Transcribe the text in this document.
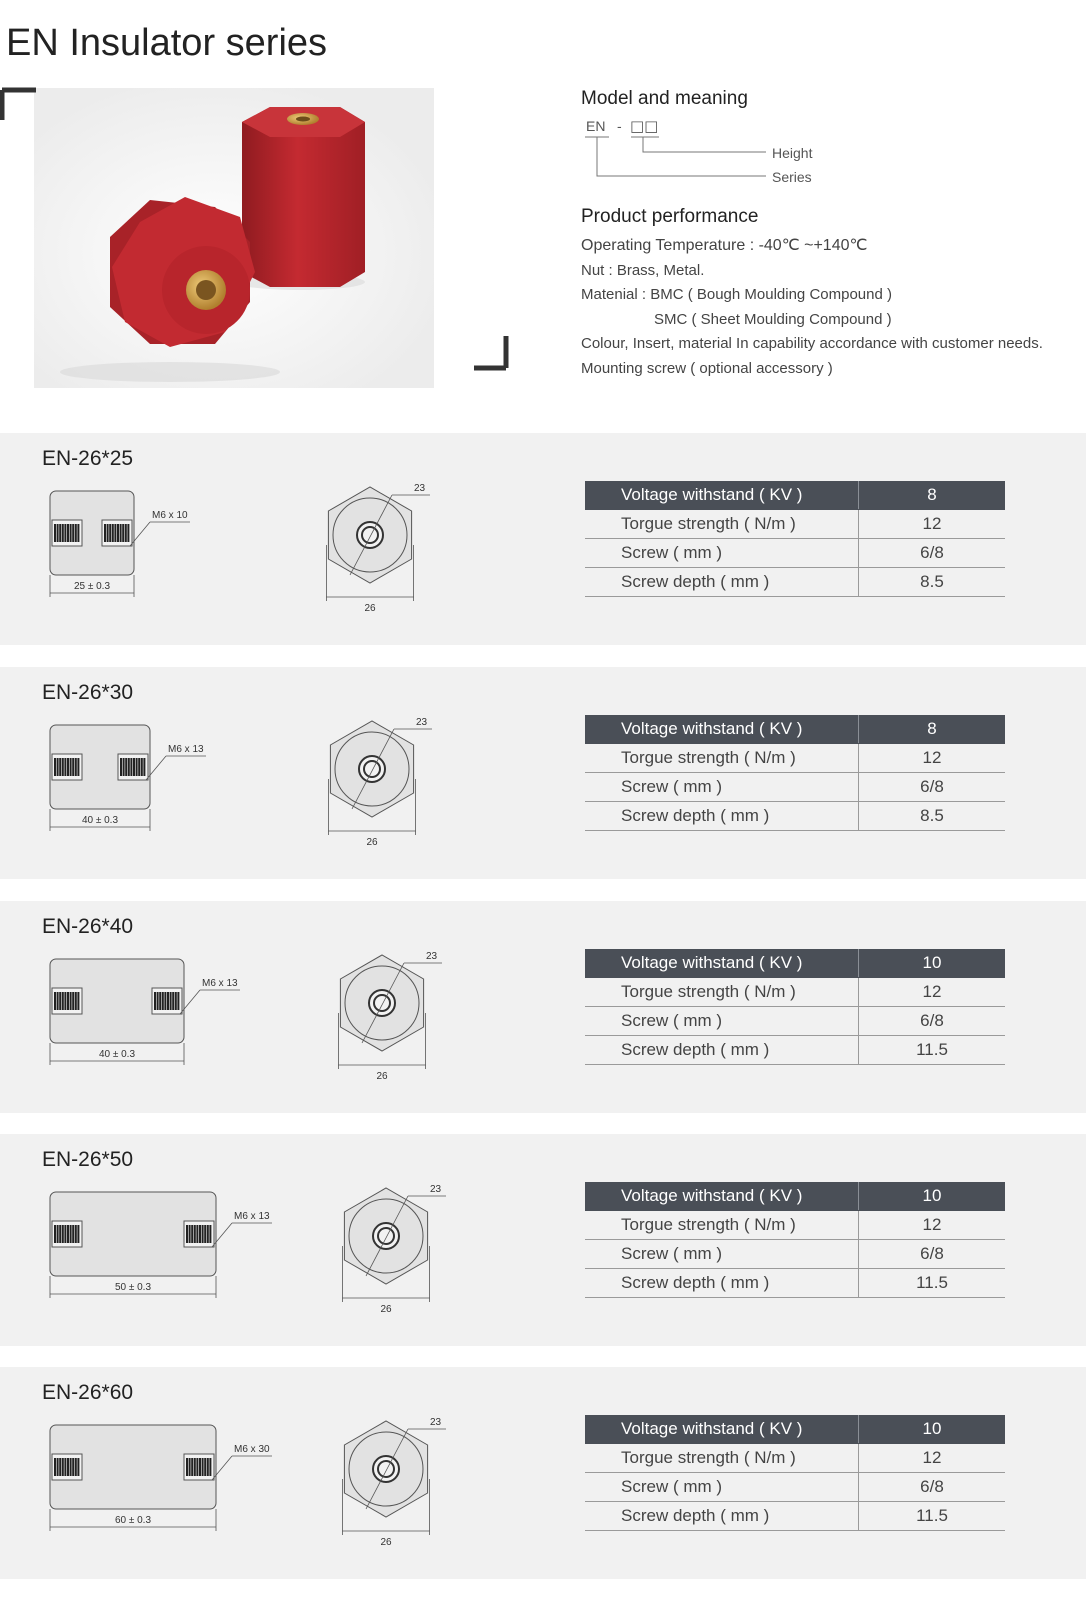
EN Insulator series
Model and meaning
EN - □□
Height
Series
Product performance
Operating Temperature : -40℃ ~+140℃
Nut : Brass, Metal.
Matenial : BMC ( Bough Moulding Compound )
SMC ( Sheet Moulding Compound )
Colour, Insert, material In capability accordance with customer needs.
Mounting screw ( optional accessory )
EN-26*25
25 ± 0.3
M6 x 10
23
26
Voltage withstand ( KV )	8
Torgue strength ( N/m )	12
Screw ( mm )	6/8
Screw depth ( mm )	8.5
EN-26*30
40 ± 0.3
M6 x 13
23
26
Voltage withstand ( KV )	8
Torgue strength ( N/m )	12
Screw ( mm )	6/8
Screw depth ( mm )	8.5
EN-26*40
40 ± 0.3
M6 x 13
23
26
Voltage withstand ( KV )	10
Torgue strength ( N/m )	12
Screw ( mm )	6/8
Screw depth ( mm )	11.5
EN-26*50
50 ± 0.3
M6 x 13
23
26
Voltage withstand ( KV )	10
Torgue strength ( N/m )	12
Screw ( mm )	6/8
Screw depth ( mm )	11.5
EN-26*60
60 ± 0.3
M6 x 30
23
26
Voltage withstand ( KV )	10
Torgue strength ( N/m )	12
Screw ( mm )	6/8
Screw depth ( mm )	11.5
